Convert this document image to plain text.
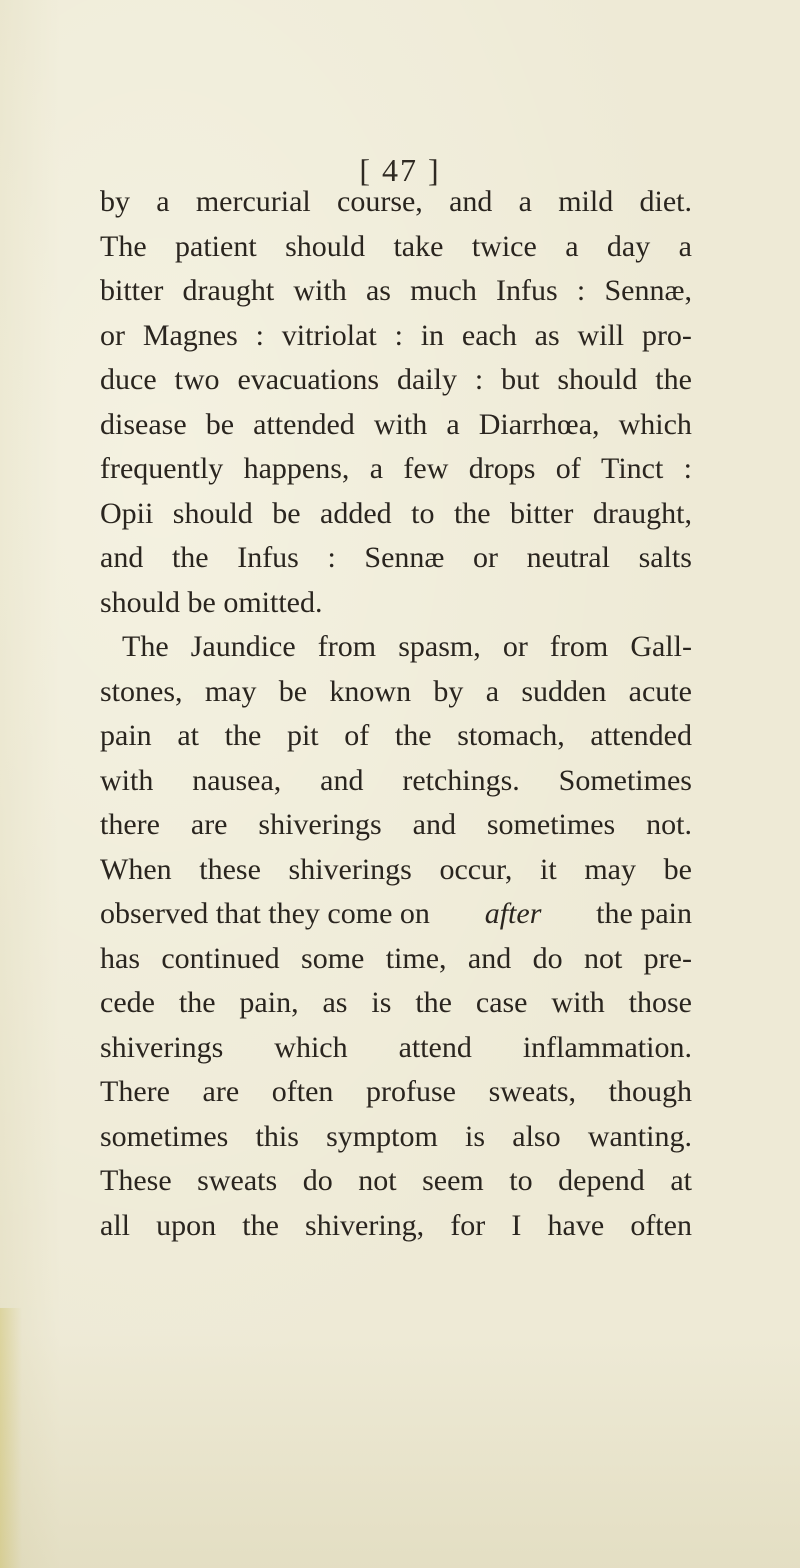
[ 47 ]
by a mercurial course, and a mild diet.
The patient should take twice a day a
bitter draught with as much Infus : Sennæ,
or Magnes : vitriolat : in each as will pro-
duce two evacuations daily : but should the
disease be attended with a Diarrhœa, which
frequently happens, a few drops of Tinct :
Opii should be added to the bitter draught,
and the Infus : Sennæ or neutral salts
should
be
omitted.
The Jaundice from spasm, or from Gall-
stones, may be known by a sudden acute
pain at the pit of the stomach, attended
with nausea, and retchings. Sometimes
there are shiverings and sometimes not.
When these shiverings occur, it may be
observed that they come on after the pain
has continued some time, and do not pre-
cede the pain, as is the case with those
shiverings which attend inflammation.
There are often profuse sweats, though
sometimes this symptom is also wanting.
These sweats do not seem to depend at
all upon the shivering, for I have often
